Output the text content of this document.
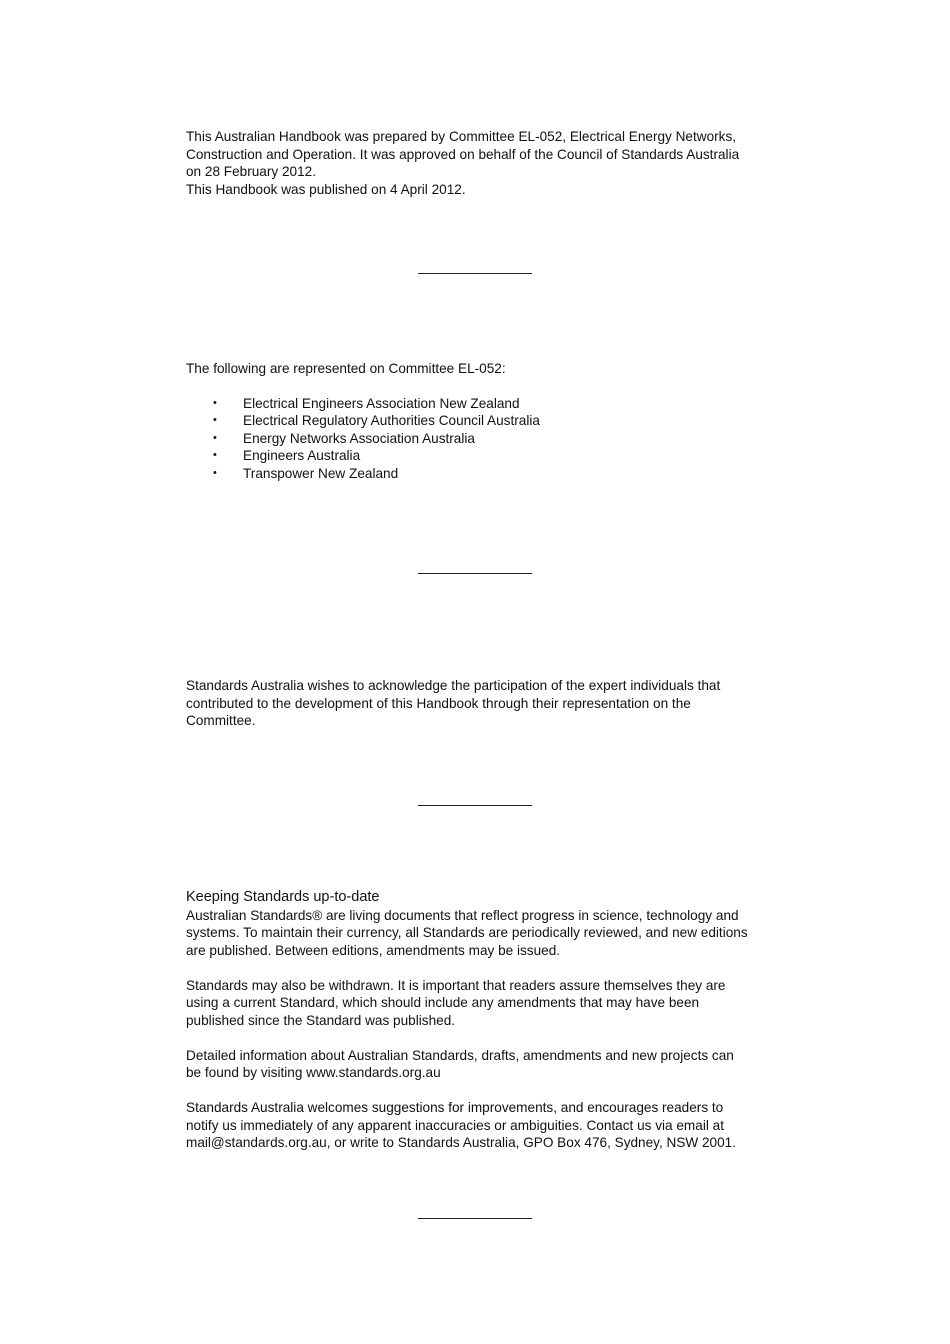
This Australian Handbook was prepared by Committee EL-052, Electrical Energy Networks,

Construction and Operation. It was approved on behalf of the Council of Standards Australia

on 28 February 2012.

This Handbook was published on 4 April 2012.

The following are represented on Committee EL-052:

• Electrical Engineers Association New Zealand
• Electrical Regulatory Authorities Council Australia
• Energy Networks Association Australia
• Engineers Australia
• Transpower New Zealand

Standards Australia wishes to acknowledge the participation of the expert individuals that

contributed to the development of this Handbook through their representation on the

Committee.

Keeping Standards up-to-date

Australian Standards® are living documents that reflect progress in science, technology and

systems. To maintain their currency, all Standards are periodically reviewed, and new editions

are published. Between editions, amendments may be issued.

Standards may also be withdrawn. It is important that readers assure themselves they are

using a current Standard, which should include any amendments that may have been

published since the Standard was published.

Detailed information about Australian Standards, drafts, amendments and new projects can

be found by visiting www.standards.org.au

Standards Australia welcomes suggestions for improvements, and encourages readers to

notify us immediately of any apparent inaccuracies or ambiguities. Contact us via email at

mail@standards.org.au, or write to Standards Australia, GPO Box 476, Sydney, NSW 2001.
